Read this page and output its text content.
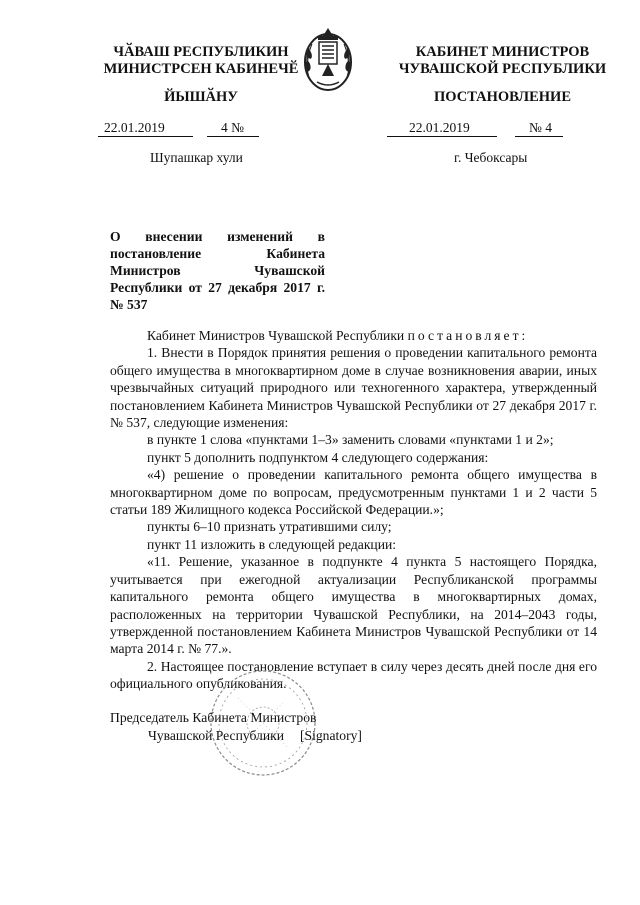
ЧӐВАШ РЕСПУБЛИКИН
МИНИСТРСЕН КАБИНЕЧӖ
ЙЫШӐНУ
КАБИНЕТ МИНИСТРОВ
ЧУВАШСКОЙ РЕСПУБЛИКИ
ПОСТАНОВЛЕНИЕ
22.01.2019	4 №	22.01.2019	№ 4
Шупашкар хули	г. Чебоксары
О внесении изменений в постановление Кабинета Министров Чувашской Республики от 27 декабря 2017 г. № 537

Кабинет Министров Чувашской Республики постановляет:

1. Внести в Порядок принятия решения о проведении капитального ремонта общего имущества в многоквартирном доме в случае возникновения аварии, иных чрезвычайных ситуаций природного или техногенного характера, утвержденный постановлением Кабинета Министров Чувашской Республики от 27 декабря 2017 г. № 537, следующие изменения:

в пункте 1 слова «пунктами 1–3» заменить словами «пунктами 1 и 2»;

пункт 5 дополнить подпунктом 4 следующего содержания:

«4) решение о проведении капитального ремонта общего имущества в многоквартирном доме по вопросам, предусмотренным пунктами 1 и 2 части 5 статьи 189 Жилищного кодекса Российской Федерации.»;

пункты 6–10 признать утратившими силу;

пункт 11 изложить в следующей редакции:

«11. Решение, указанное в подпункте 4 пункта 5 настоящего Порядка, учитывается при ежегодной актуализации Республиканской программы капитального ремонта общего имущества в многоквартирных домах, расположенных на территории Чувашской Республики, на 2014–2043 годы, утвержденной постановлением Кабинета Министров Чувашской Республики от 14 марта 2014 г. № 77.».

2. Настоящее постановление вступает в силу через десять дней после дня его официального опубликования.

Председатель Кабинета Министров
Чувашской Республики [Signatory]
